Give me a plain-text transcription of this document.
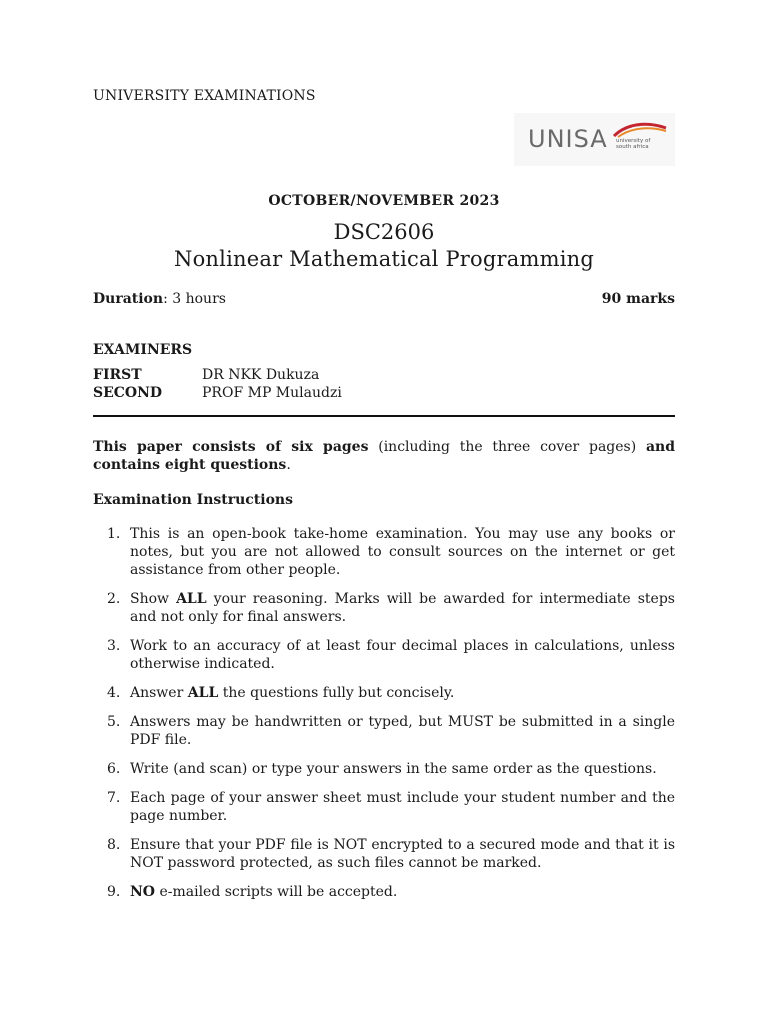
UNIVERSITY EXAMINATIONS
UNISA university of south africa
OCTOBER/NOVEMBER 2023
DSC2606
Nonlinear Mathematical Programming
Duration: 3 hours	90 marks
EXAMINERS
FIRST	DR NKK Dukuza
SECOND	PROF MP Mulaudzi
This paper consists of six pages (including the three cover pages) and contains eight questions.
Examination Instructions
1. This is an open-book take-home examination. You may use any books or notes, but you are not allowed to consult sources on the internet or get assistance from other people.
2. Show ALL your reasoning. Marks will be awarded for intermediate steps and not only for final answers.
3. Work to an accuracy of at least four decimal places in calculations, unless otherwise indicated.
4. Answer ALL the questions fully but concisely.
5. Answers may be handwritten or typed, but MUST be submitted in a single PDF file.
6. Write (and scan) or type your answers in the same order as the questions.
7. Each page of your answer sheet must include your student number and the page number.
8. Ensure that your PDF file is NOT encrypted to a secured mode and that it is NOT password protected, as such files cannot be marked.
9. NO e-mailed scripts will be accepted.
